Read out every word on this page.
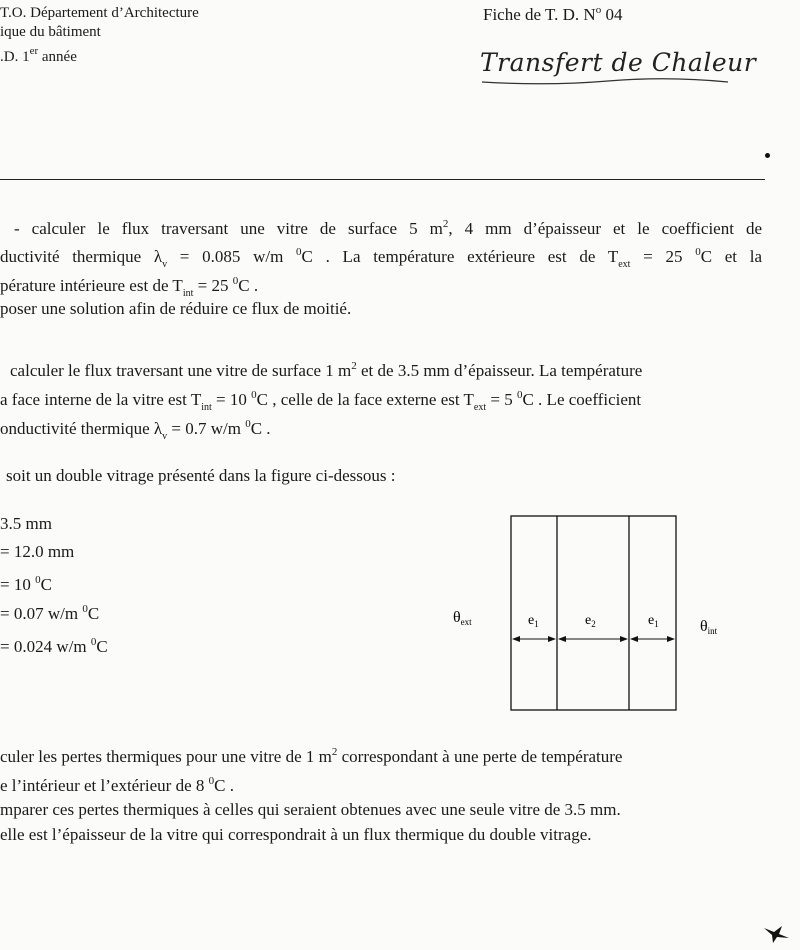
T.O. Département d’Architecture
ique du bâtiment
.D. 1er année
Fiche de T. D. $N^o$ 04
Transfert de Chaleur
- calculer le flux traversant une vitre de surface 5 $m^2$, 4 mm d’épaisseur et le coefficient de
ductivité thermique $\lambda_v = 0.085$ w/m $^0$C . La température extérieure est de $T_{ext} = 25$ $^0$C et la
pérature intérieure est de $T_{int} = 25$ $^0$C .
poser une solution afin de réduire ce flux de moitié.
calculer le flux traversant une vitre de surface 1 $m^2$ et de 3.5 mm d’épaisseur. La température
a face interne de la vitre est $T_{int} = 10$ $^0$C , celle de la face externe est $T_{ext} = 5$ $^0$C . Le coefficient
onductivité thermique $\lambda_v = 0.7$ w/m $^0$C .
soit un double vitrage présenté dans la figure ci-dessous :
3.5 mm
= 12.0 mm
= 10 $^0$C
= 0.07 w/m $^0$C
= 0.024 w/m $^0$C
θext	$e_1$	$e_2$	$e_1$	θint
culer les pertes thermiques pour une vitre de 1 $m^2$ correspondant à une perte de température
e l’intérieur et l’extérieur de 8 $^0$C .
mparer ces pertes thermiques à celles qui seraient obtenues avec une seule vitre de 3.5 mm.
elle est l’épaisseur de la vitre qui correspondrait à un flux thermique du double vitrage.
